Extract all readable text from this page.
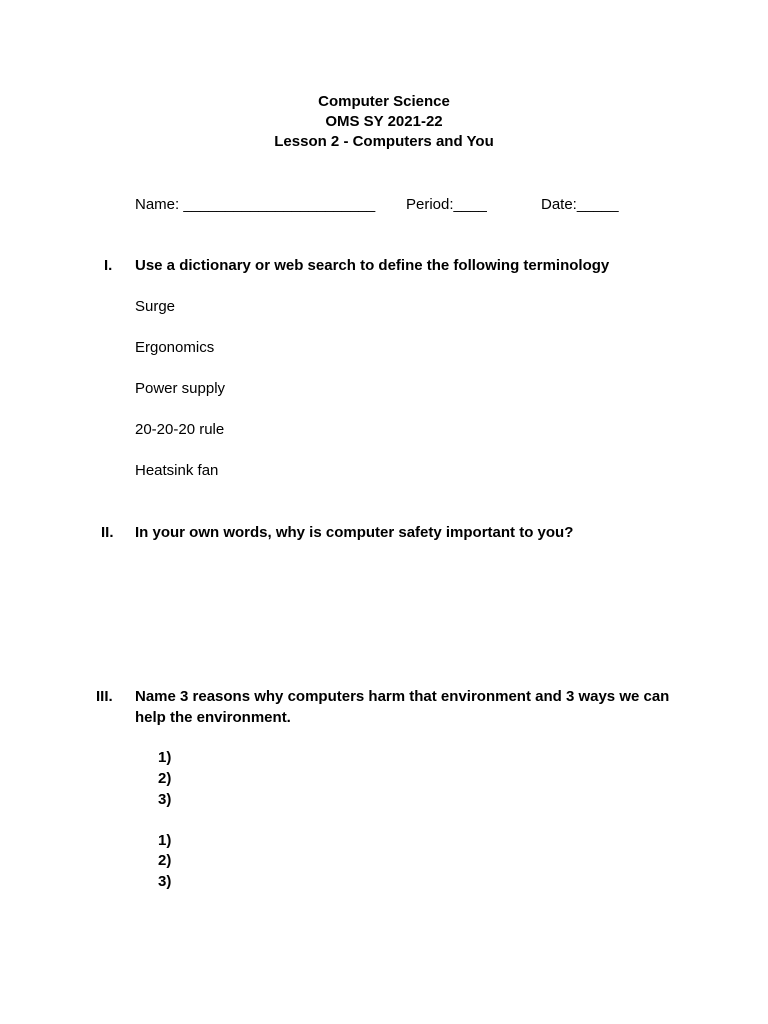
Computer Science
OMS SY 2021-22
Lesson 2 - Computers and You
Name: _______________________ Period:____	Date:_____
I. Use a dictionary or web search to define the following terminology
Surge
Ergonomics
Power supply
20-20-20 rule
Heatsink fan
II. In your own words, why is computer safety important to you?
III. Name 3 reasons why computers harm that environment and 3 ways we can
help the environment.
1)
2)
3)
1)
2)
3)
